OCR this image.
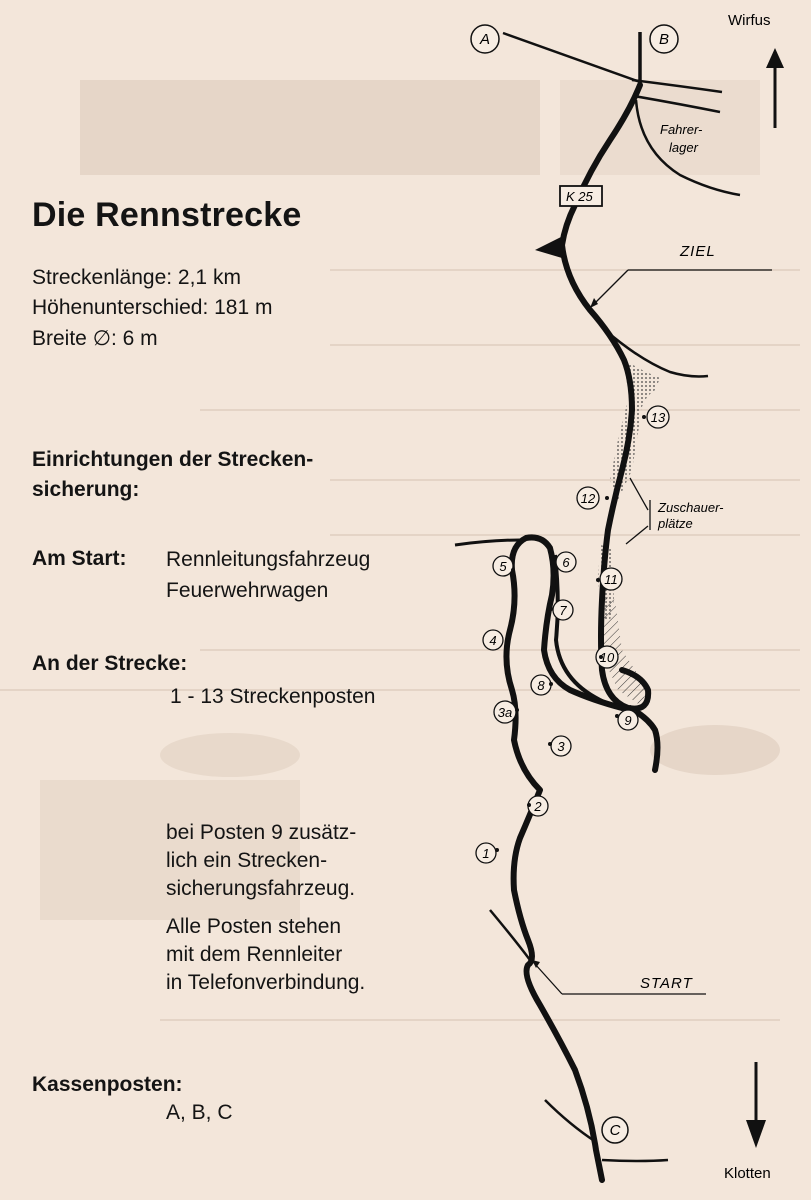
Die Rennstrecke
Streckenlänge: 2,1 km
Höhenunterschied: 181 m
Breite ∅: 6 m
Einrichtungen der Strecken-
sicherung:
Am Start: Rennleitungsfahrzeug
Feuerwehrwagen
An der Strecke:
1 - 13 Streckenposten
bei Posten 9 zusätz-
lich ein Strecken-
sicherungsfahrzeug.
Alle Posten stehen
mit dem Rennleiter
in Telefonverbindung.
Kassenposten:
A, B, C
A	B
C
Wirfus
Klotten
K 25
Fahrer-
lager
ZIEL
START
Zuschauer-
plätze
1
2
3
3a
4
5	6
7
8
9
10
11
12
13
